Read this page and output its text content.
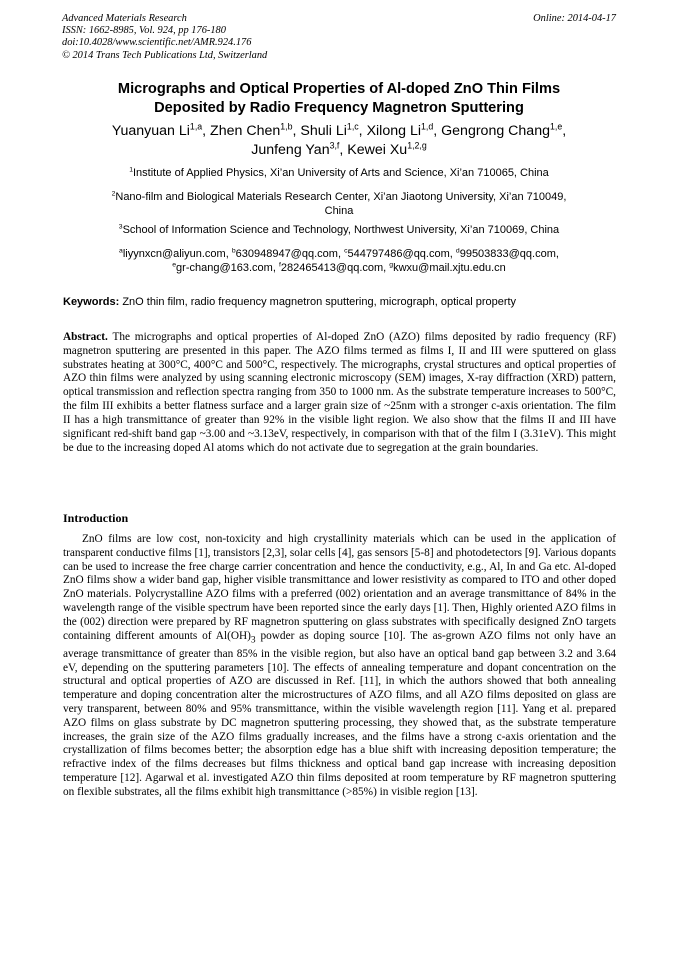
Advanced Materials Research
ISSN: 1662-8985, Vol. 924, pp 176-180
doi:10.4028/www.scientific.net/AMR.924.176
© 2014 Trans Tech Publications Ltd, Switzerland
Online: 2014-04-17
Micrographs and Optical Properties of Al-doped ZnO Thin Films
Deposited by Radio Frequency Magnetron Sputtering
Yuanyuan Li$^{1,a}$, Zhen Chen$^{1,b}$, Shuli Li$^{1,c}$, Xilong Li$^{1,d}$, Gengrong Chang$^{1,e}$,
Junfeng Yan$^{3,f}$, Kewei Xu$^{1,2,g}$
$^1$Institute of Applied Physics, Xi’an University of Arts and Science, Xi’an 710065, China
$^2$Nano-film and Biological Materials Research Center, Xi’an Jiaotong University, Xi’an 710049,
China
$^3$School of Information Science and Technology, Northwest University, Xi’an 710069, China
$^a$liyynxcn@aliyun.com, $^b$630948947@qq.com, $^c$544797486@qq.com, $^d$99503833@qq.com,
$^e$gr-chang@163.com, $^f$282465413@qq.com, $^g$kwxu@mail.xjtu.edu.cn
Keywords: ZnO thin film, radio frequency magnetron sputtering, micrograph, optical property
Abstract. The micrographs and optical properties of Al-doped ZnO (AZO) films deposited by radio frequency (RF) magnetron sputtering are presented in this paper. The AZO films termed as films I, II and III were sputtered on glass substrates heating at 300°C, 400°C and 500°C, respectively. The micrographs, crystal structures and optical properties of AZO thin films were analyzed by using scanning electronic microscopy (SEM) images, X-ray diffraction (XRD) pattern, optical transmission and reflection spectra ranging from 350 to 1000 nm. As the substrate temperature increases to 500°C, the film III exhibits a better flatness surface and a larger grain size of ~25nm with a stronger c-axis orientation. The film II has a high transmittance of greater than 92% in the visible light region. We also show that the films II and III have significant red-shift band gap ~3.00 and ~3.13eV, respectively, in comparison with that of the film I (3.31eV). This might be due to the increasing doped Al atoms which do not activate due to segregation at the grain boundaries.
Introduction
ZnO films are low cost, non-toxicity and high crystallinity materials which can be used in the application of transparent conductive films [1], transistors [2,3], solar cells [4], gas sensors [5-8] and photodetectors [9]. Various dopants can be used to increase the free charge carrier concentration and hence the conductivity, e.g., Al, In and Ga etc. Al-doped ZnO films show a wider band gap, higher visible transmittance and lower resistivity as compared to ITO and other doped ZnO materials. Polycrystalline AZO films with a preferred (002) orientation and an average transmittance of 84% in the wavelength range of the visible spectrum have been reported since the early days [1]. Then, Highly oriented AZO films in the (002) direction were prepared by RF magnetron sputtering on glass substrates with specifically designed ZnO targets containing different amounts of $Al(OH)_3$ powder as doping source [10]. The as-grown AZO films not only have an average transmittance of greater than 85% in the visible region, but also have an optical band gap between 3.2 and 3.64 eV, depending on the sputtering parameters [10]. The effects of annealing temperature and dopant concentration on the structural and optical properties of AZO are discussed in Ref. [11], in which the authors showed that both annealing temperature and doping concentration alter the microstructures of AZO films, and all AZO films deposited on glass are very transparent, between 80% and 95% transmittance, within the visible wavelength region [11]. Yang et al. prepared AZO films on glass substrate by DC magnetron sputtering processing, they showed that, as the substrate temperature increases, the grain size of the AZO films gradually increases, and the films have a strong c-axis orientation and the crystallization of films becomes better; the absorption edge has a blue shift with increasing deposition temperature; the refractive index of the films decreases but films thickness and optical band gap increase with increasing deposition temperature [12]. Agarwal et al. investigated AZO thin films deposited at room temperature by RF magnetron sputtering on flexible substrates, all the films exhibit high transmittance (>85%) in visible region [13].
